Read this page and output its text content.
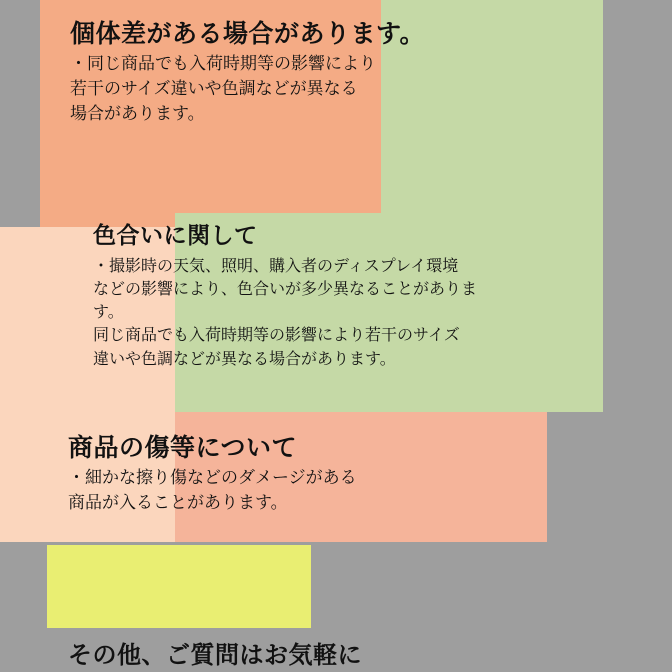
個体差がある場合があります。
・同じ商品でも入荷時期等の影響により
若干のサイズ違いや色調などが異なる
場合があります。
色合いに関して
・撮影時の天気、照明、購入者のディスプレイ環境
などの影響により、色合いが多少異なることがありま
す。
同じ商品でも入荷時期等の影響により若干のサイズ
違いや色調などが異なる場合があります。
商品の傷等について
・細かな擦り傷などのダメージがある
商品が入ることがあります。
その他、ご質問はお気軽に
